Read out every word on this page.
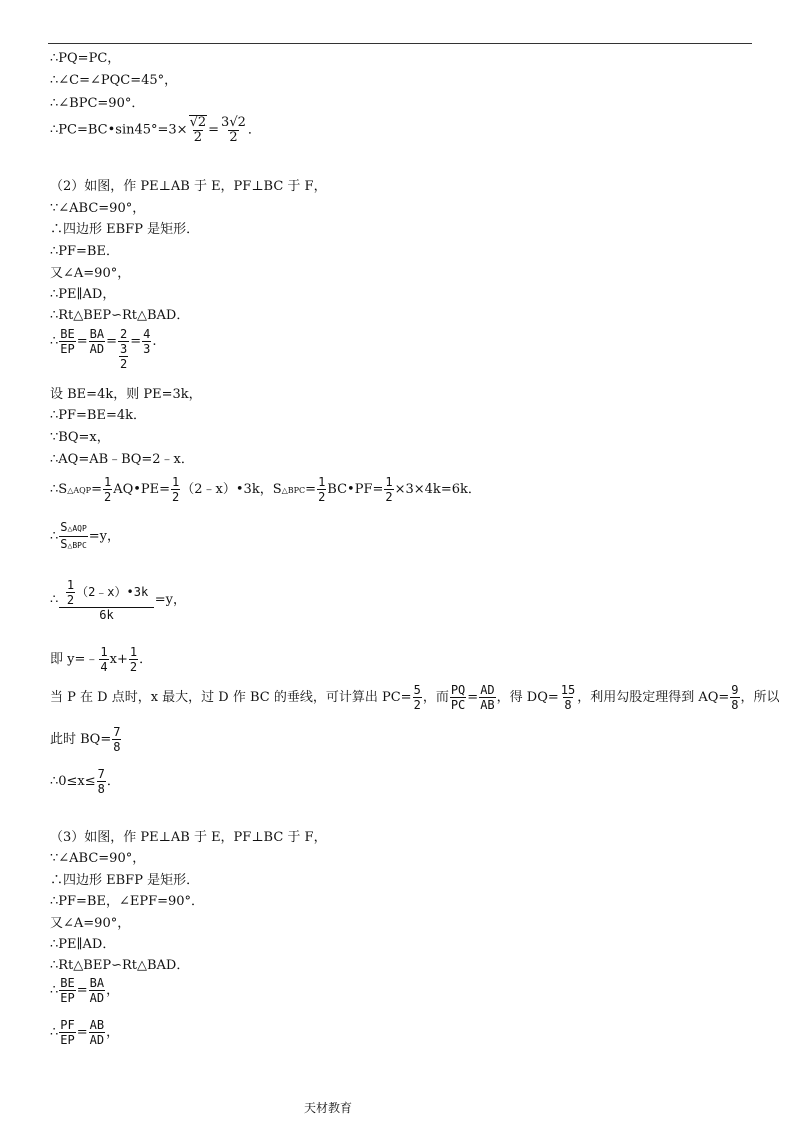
∴PQ=PC，
∴∠C=∠PQC=45°，
∴∠BPC=90°．
∴PC=BC•sin45°=3× $\frac{√2}{2} = \frac{3√2}{2}$ ．
（2）如图，作 PE⊥AB 于 E，PF⊥BC 于 F，
∵∠ABC=90°，
∴四边形 EBFP 是矩形．
∴PF=BE．
又∠A=90°，
∴PE∥AD，
∴Rt△BEP∽Rt△BAD．
∴ $\frac{BE}{EP} = \frac{BA}{AD} = 2$
3
$2 = \frac{4}{3}$ .
设 BE=4k，则 PE=3k，
∴PF=BE=4k．
∵BQ=x，
∴AQ=AB﹣BQ=2﹣x．
∴S△AQP= $\frac{1}{2}$ AQ•PE= $\frac{1}{2}$ （2﹣x）•3k，S△BPC= $\frac{1}{2}$ BC•PF= $\frac{1}{2} \times 3\times 4k=6k$．
∴ $\frac{\text{S△AQP}}{\text{S△BPC}} =y$，
∴ $\frac{\frac{1}{2} (2﹣x)•3k}{6k} =y$，
即 y=﹣ $\frac{1}{4} x+ \frac{1}{2}$ ．
当 P 在 D 点时，x 最大，过 D 作 BC 的垂线，可计算出 $PC= \frac{5}{2}$ ，而 $\frac{PQ}{PC} = \frac{AD}{AB}$ ，得 $DQ= \frac{15}{8}$ ，利用勾股定理得到 $AQ= \frac{9}{8}$ ，所以
此时 $BQ= \frac{7}{8}$
∴0≤x≤ $\frac{7}{8}$ ．
（3）如图，作 PE⊥AB 于 E，PF⊥BC 于 F，
∵∠ABC=90°，
∴四边形 EBFP 是矩形．
∴PF=BE，∠EPF=90°．
又∠A=90°，
∴PE∥AD．
∴Rt△BEP∽Rt△BAD．
∴ $\frac{BE}{EP} = \frac{BA}{AD}$ ，
∴ $\frac{PF}{EP} = \frac{AB}{AD}$ ，
天材教育
